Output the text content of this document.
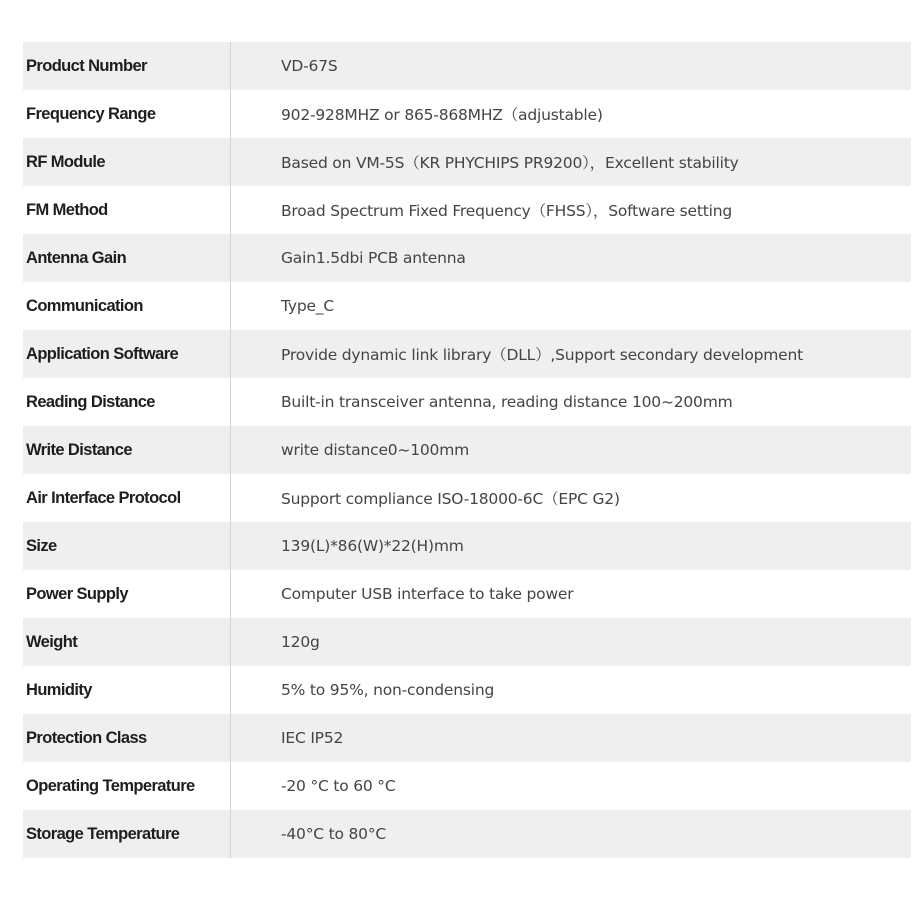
Product Number	VD-67S
Frequency Range	902-928MHZ or 865-868MHZ（adjustable)
RF Module	Based on VM-5S（KR PHYCHIPS PR9200），Excellent stability
FM Method	Broad Spectrum Fixed Frequency（FHSS），Software setting
Antenna Gain	Gain1.5dbi PCB antenna
Communication	Type_C
Application Software	Provide dynamic link library（DLL）,Support secondary development
Reading Distance	Built-in transceiver antenna, reading distance 100~200mm
Write Distance	write distance0~100mm
Air Interface Protocol	Support compliance ISO-18000-6C（EPC G2)
Size	139(L)*86(W)*22(H)mm
Power Supply	Computer USB interface to take power
Weight	120g
Humidity	5% to 95%, non-condensing
Protection Class	IEC IP52
Operating Temperature	-20 °C to 60 °C
Storage Temperature	-40°C to 80°C
